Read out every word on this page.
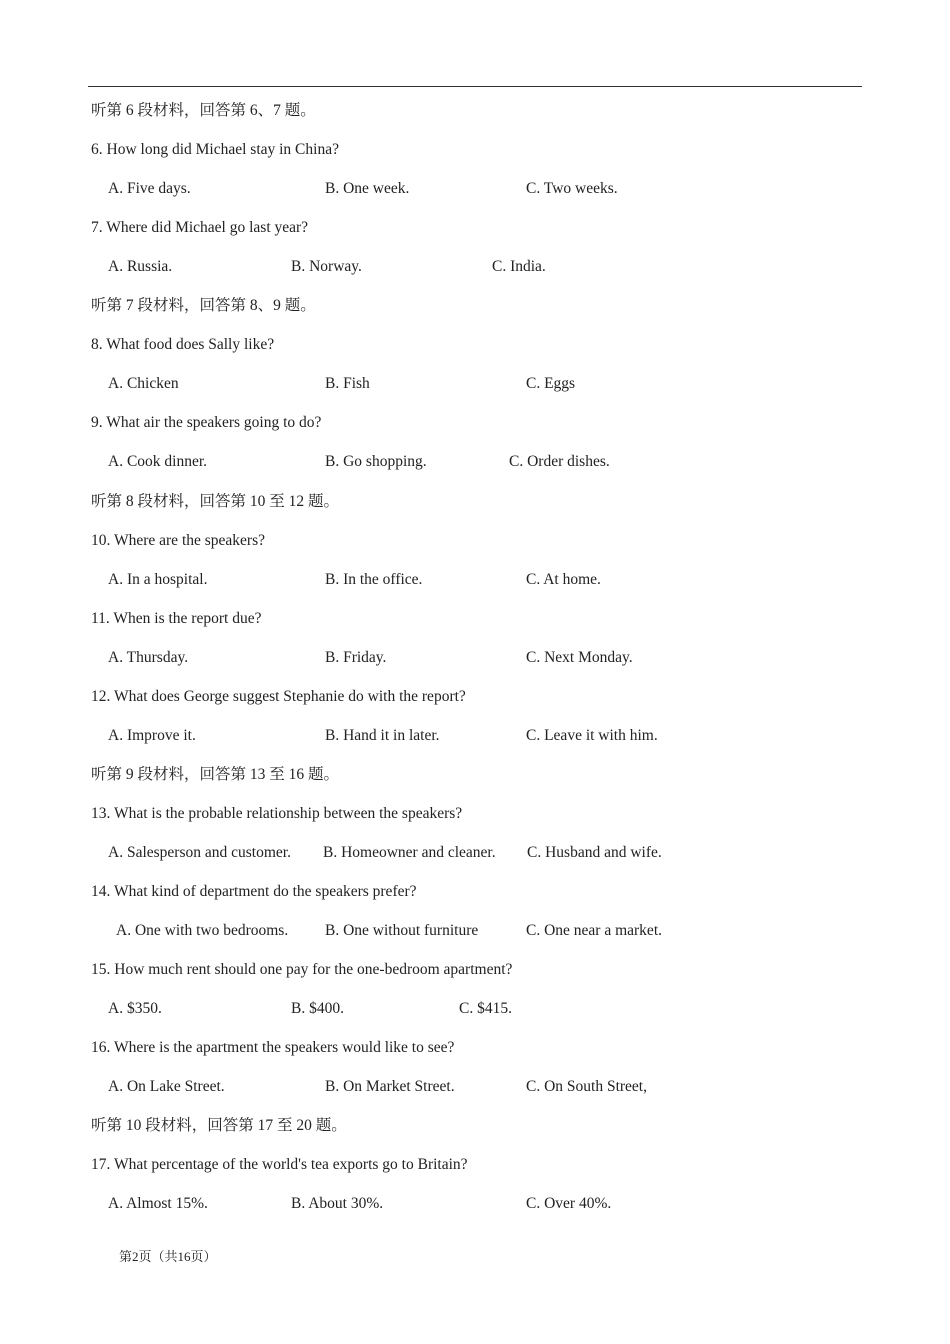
听第 6 段材料，回答第 6、7 题。
6. How long did Michael stay in China?
A. Five days.	B. One week.	C. Two weeks.
7. Where did Michael go last year?
A. Russia.	B. Norway.	C. India.
听第 7 段材料，回答第 8、9 题。
8. What food does Sally like?
A. Chicken	B. Fish	C. Eggs
9. What air the speakers going to do?
A. Cook dinner.	B. Go shopping.	C. Order dishes.
听第 8 段材料，回答第 10 至 12 题。
10. Where are the speakers?
A. In a hospital.	B. In the office.	C. At home.
11. When is the report due?
A. Thursday.	B. Friday.	C. Next Monday.
12. What does George suggest Stephanie do with the report?
A. Improve it.	B. Hand it in later.	C. Leave it with him.
听第 9 段材料，回答第 13 至 16 题。
13. What is the probable relationship between the speakers?
A. Salesperson and customer. B. Homeowner and cleaner. C. Husband and wife.
14. What kind of department do the speakers prefer?
A. One with two bedrooms. B. One without furniture	C. One near a market.
15. How much rent should one pay for the one-bedroom apartment?
A. $350.	B. $400.	C. $415.
16. Where is the apartment the speakers would like to see?
A. On Lake Street.	B. On Market Street.	C. On South Street,
听第 10 段材料，回答第 17 至 20 题。
17. What percentage of the world's tea exports go to Britain?
A. Almost 15%.	B. About 30%.	C. Over 40%.
第2页（共16页）
